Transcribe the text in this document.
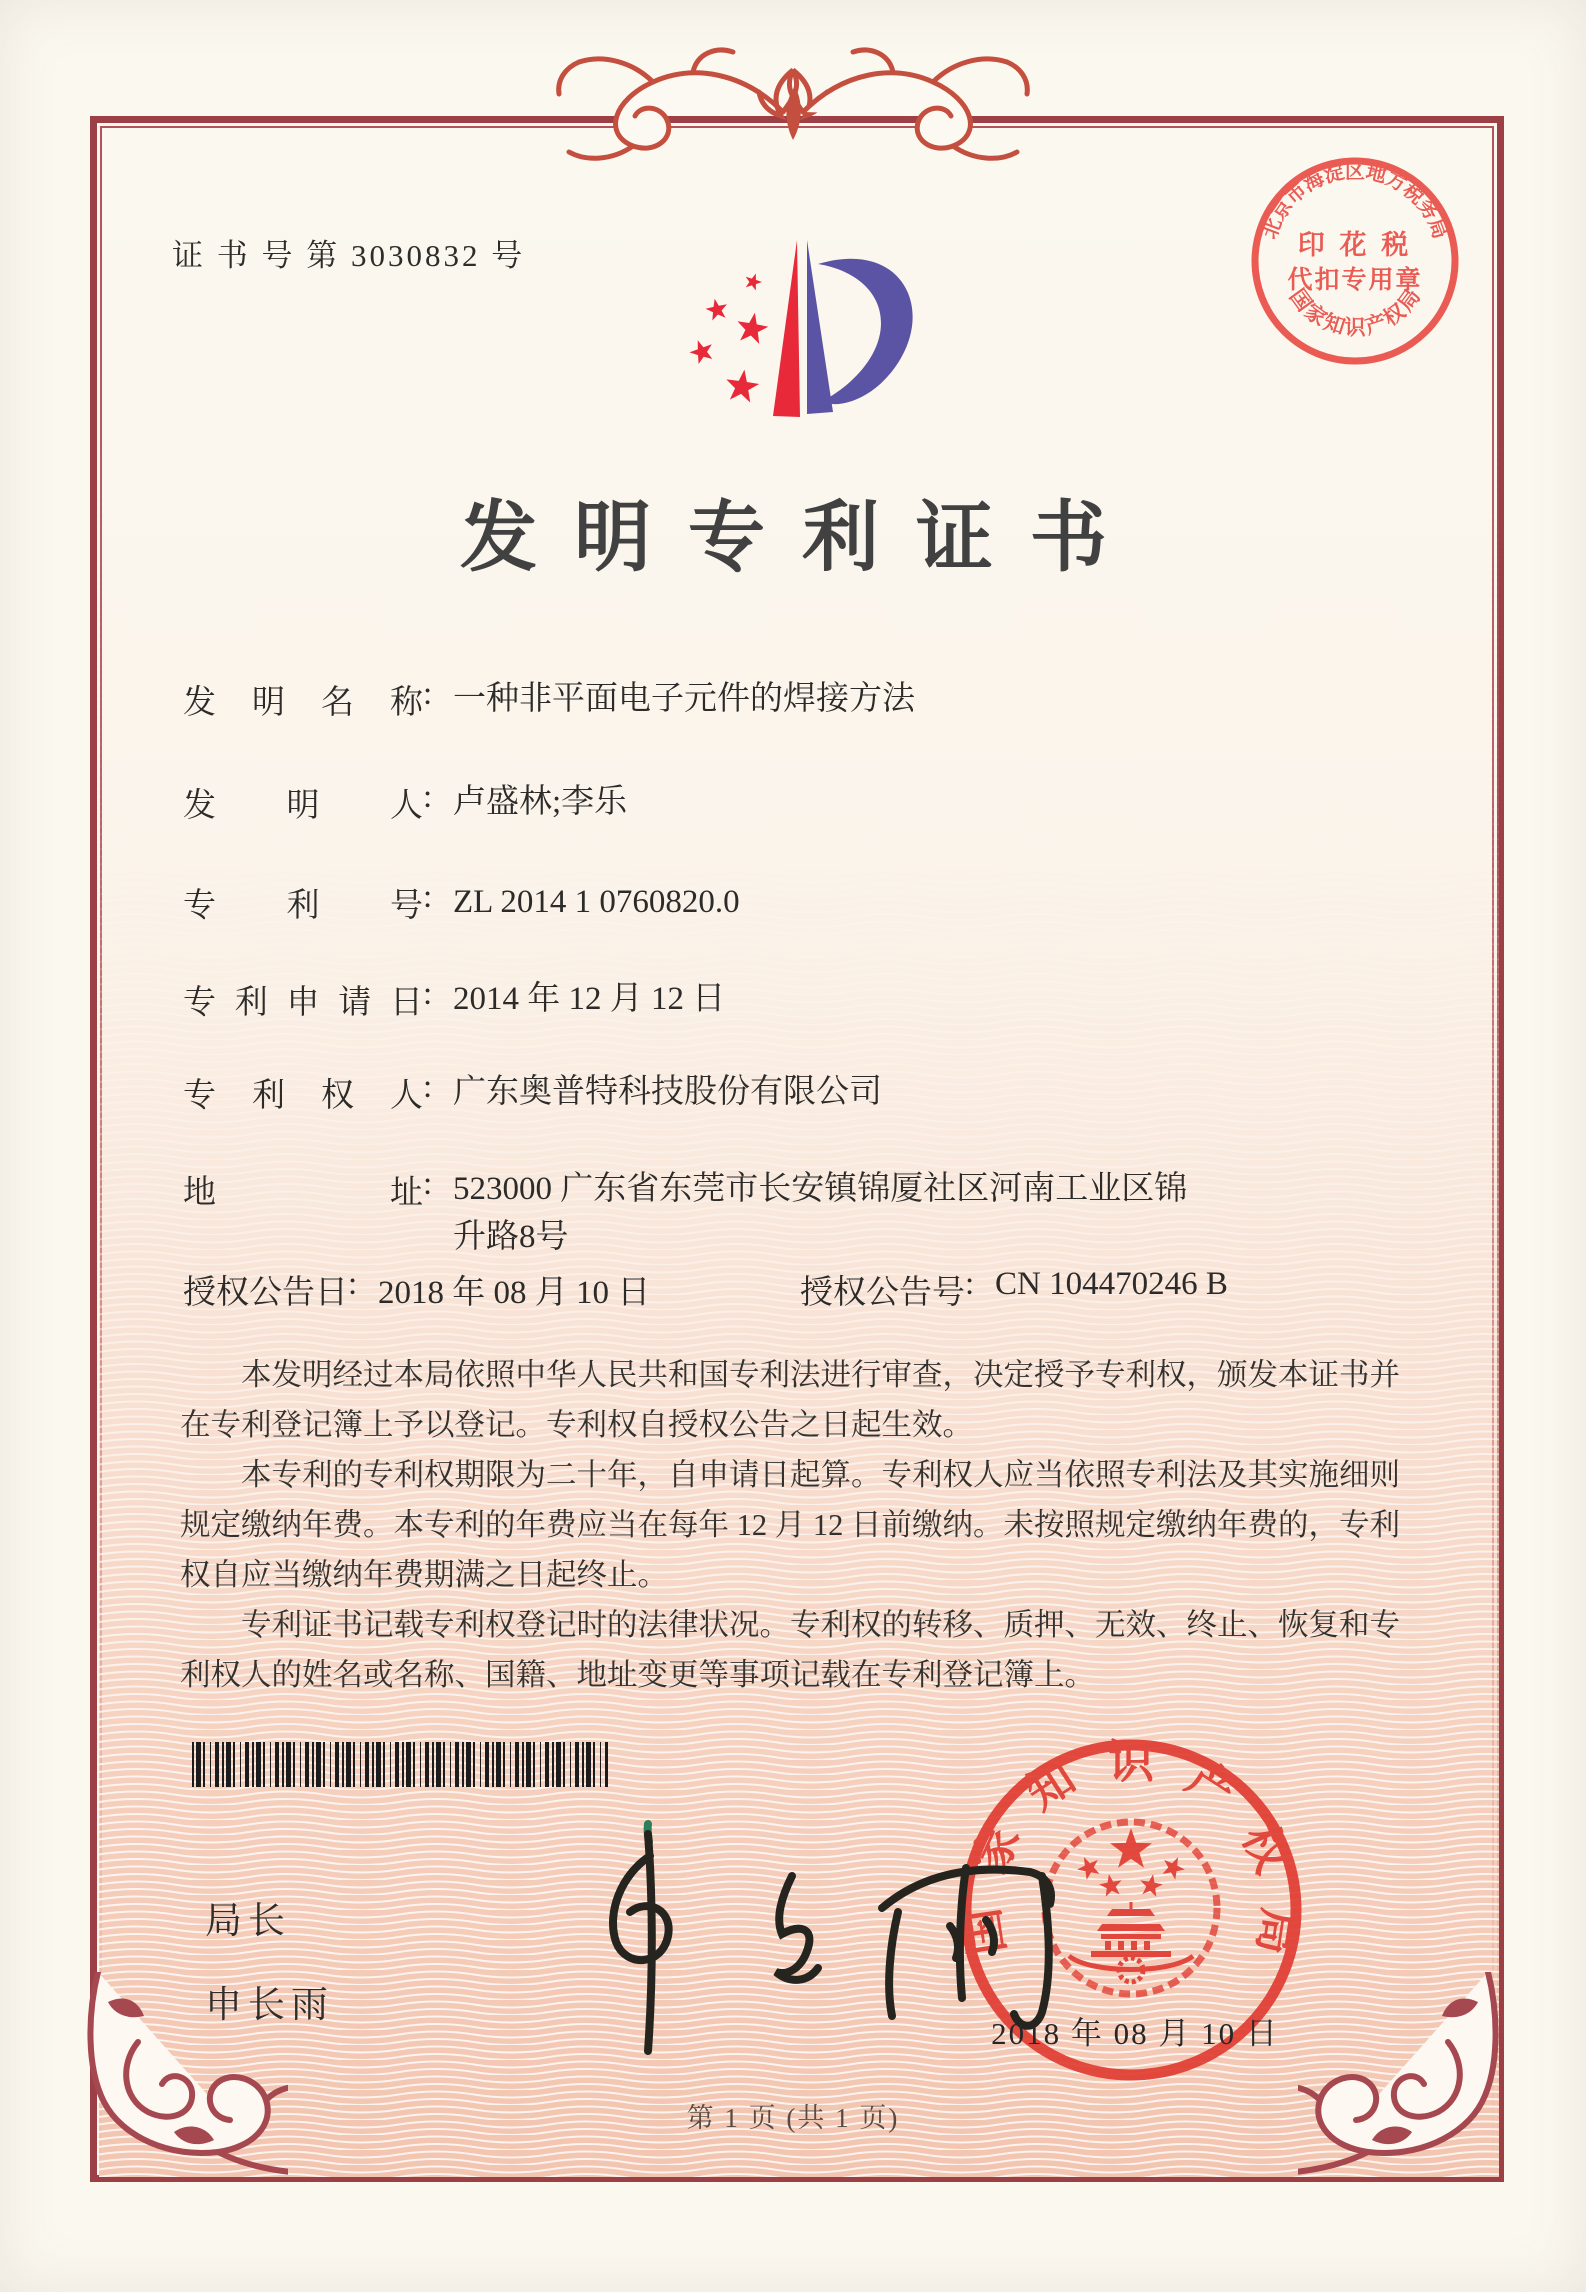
证 书 号 第 3030832 号
北京市海淀区地方税务局
印 花 税
代扣专用章
国家知识产权局
发明专利证书
发明名称 : 一种非平面电子元件的焊接方法
发明人 : 卢盛林;李乐
专利号 : ZL 2014 1 0760820.0
专利申请日 : 2014 年 12 月 12 日
专利权人 : 广东奥普特科技股份有限公司
地址 : 523000 广东省东莞市长安镇锦厦社区河南工业区锦升路8号
授权公告日 : 2018 年 08 月 10 日	授权公告号 : CN 104470246 B

本发明经过本局依照中华人民共和国专利法进行审查，决定授予专利权，颁发本证书并在专利登记簿上予以登记。专利权自授权公告之日起生效。

本专利的专利权期限为二十年，自申请日起算。专利权人应当依照专利法及其实施细则规定缴纳年费。本专利的年费应当在每年 12 月 12 日前缴纳。未按照规定缴纳年费的，专利权自应当缴纳年费期满之日起终止。

专利证书记载专利权登记时的法律状况。专利权的转移、质押、无效、终止、恢复和专利权人的姓名或名称、国籍、地址变更等事项记载在专利登记簿上。

局长
申长雨
国家知识产权局
2018 年 08 月 10 日
第 1 页 (共 1 页)
